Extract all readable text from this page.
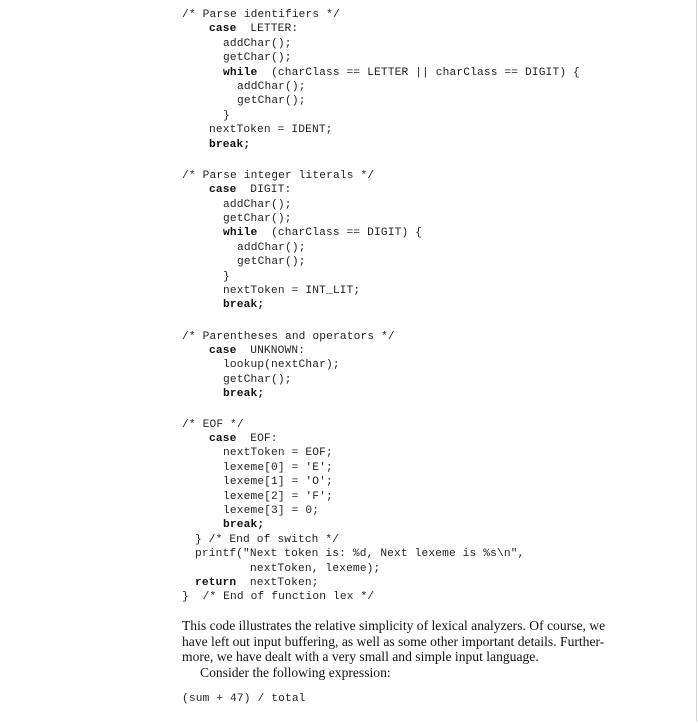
/* Parse identifiers */
case LETTER:
addChar();
getChar();
while (charClass == LETTER || charClass == DIGIT) {
addChar();
getChar();
}
nextToken = IDENT;
break;
/* Parse integer literals */
case DIGIT:
addChar();
getChar();
while (charClass == DIGIT) {
addChar();
getChar();
}
nextToken = INT_LIT;
break;
/* Parentheses and operators */
case UNKNOWN:
lookup(nextChar);
getChar();
break;
/* EOF */
case EOF:
nextToken = EOF;
lexeme[0] = 'E';
lexeme[1] = 'O';
lexeme[2] = 'F';
lexeme[3] = 0;
break;
} /* End of switch */
printf("Next token is: %d, Next lexeme is %s\n",
nextToken, lexeme);
return nextToken;
}  /* End of function lex */
This code illustrates the relative simplicity of lexical analyzers. Of course, we
have left out input buffering, as well as some other important details. Further-
more, we have dealt with a very small and simple input language.
Consider the following expression:
(sum + 47) / total
